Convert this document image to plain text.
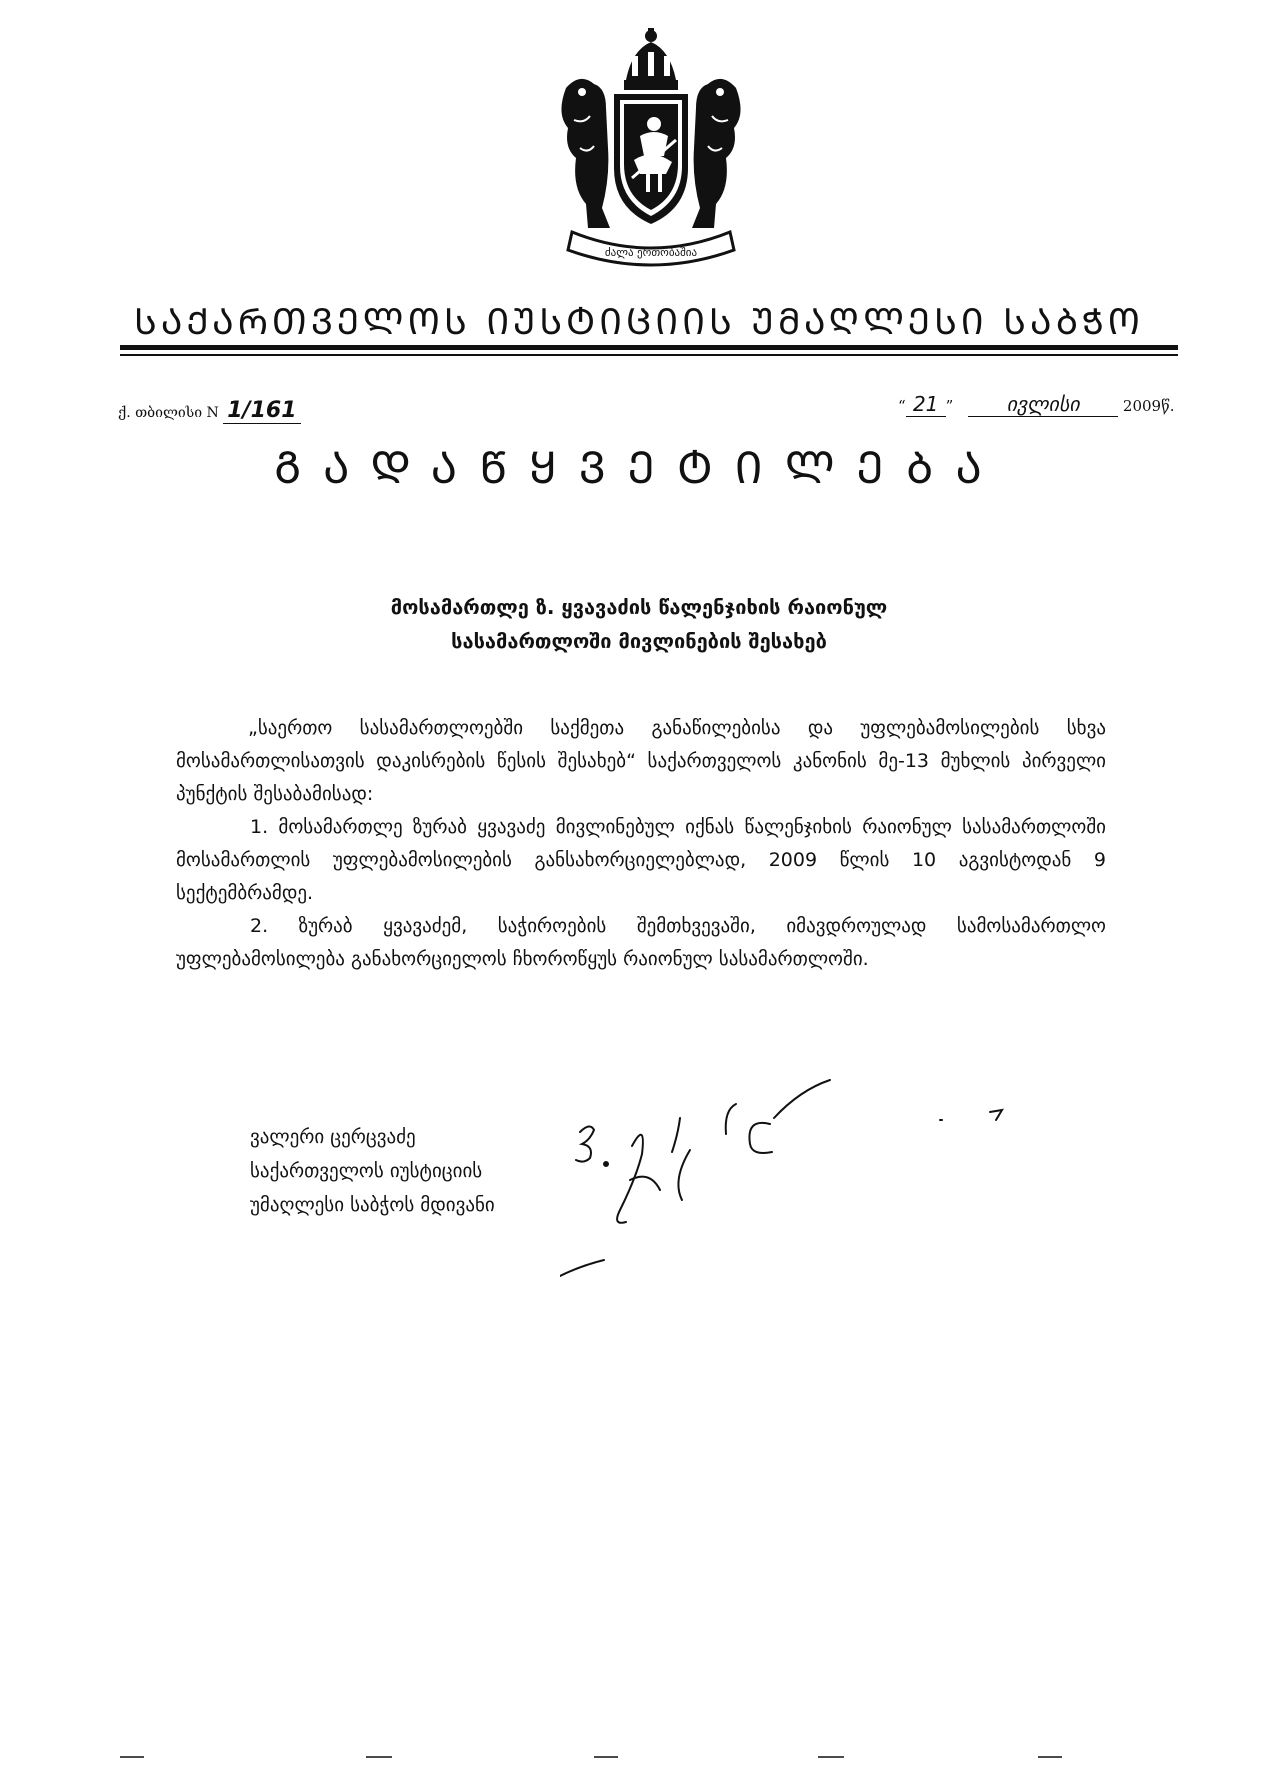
ძალა ერთობაშია
ᲡᲐᲥᲐᲠᲗᲕᲔᲚᲝᲡ ᲘᲣᲡᲢᲘᲪᲘᲘᲡ ᲣᲛᲐᲦᲚᲔᲡᲘ ᲡᲐᲑᲭᲝ
ქ. თბილისი N 1/161	“ 21 ”	ივლისი	2009წ.
ᲒᲐᲓᲐᲬᲧᲕᲔᲢᲘᲚᲔᲑᲐ
მოსამართლე ზ. ყვავაძის წალენჯიხის რაიონულ
სასამართლოში მივლინების შესახებ

„საერთო სასამართლოებში საქმეთა განაწილებისა და უფლებამოსილების სხვა მოსამართლისათვის დაკისრების წესის შესახებ“ საქართველოს კანონის მე-13 მუხლის პირველი პუნქტის შესაბამისად:

1. მოსამართლე ზურაბ ყვავაძე მივლინებულ იქნას წალენჯიხის რაიონულ სასამართლოში მოსამართლის უფლებამოსილების განსახორციელებლად, 2009 წლის 10 აგვისტოდან 9 სექტემბრამდე.

2. ზურაბ ყვავაძემ, საჭიროების შემთხვევაში, იმავდროულად სამოსამართლო უფლებამოსილება განახორციელოს ჩხოროწყუს რაიონულ სასამართლოში.

ვალერი ცერცვაძე
საქართველოს იუსტიციის
უმაღლესი საბჭოს მდივანი
